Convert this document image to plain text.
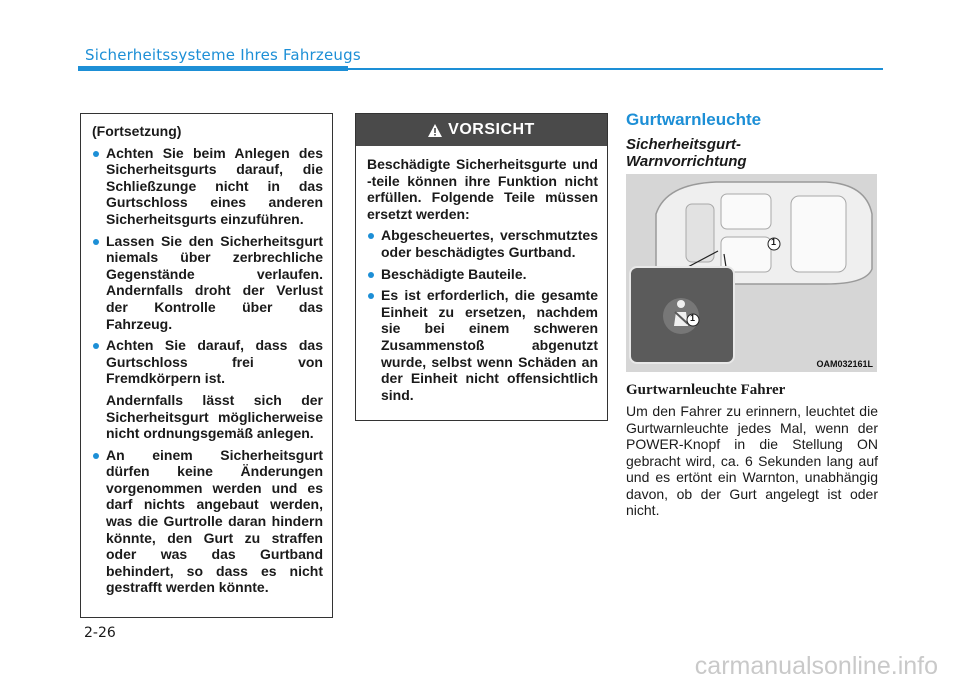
Sicherheitssysteme Ihres Fahrzeugs

(Fortsetzung)

Achten Sie beim Anlegen des Sicherheitsgurts darauf, die Schließzunge nicht in das Gurtschloss eines anderen Sicherheitsgurts einzuführen.
Lassen Sie den Sicherheitsgurt niemals über zerbrechliche Gegenstände verlaufen. Andernfalls droht der Verlust der Kontrolle über das Fahrzeug.
Achten Sie darauf, dass das Gurtschloss frei von Fremdkörpern ist.

Andernfalls lässt sich der Sicherheitsgurt möglicherweise nicht ordnungsgemäß anlegen.

An einem Sicherheitsgurt dürfen keine Änderungen vorgenommen werden und es darf nichts angebaut werden, was die Gurtrolle daran hindern könnte, den Gurt zu straffen oder was das Gurtband behindert, so dass es nicht gestrafft werden könnte.
VORSICHT

Beschädigte Sicherheitsgurte und -teile können ihre Funktion nicht erfüllen. Folgende Teile müssen ersetzt werden:

Abgescheuertes, verschmutztes oder beschädigtes Gurtband.
Beschädigte Bauteile.
Es ist erforderlich, die gesamte Einheit zu ersetzen, nachdem sie bei einem schweren Zusammenstoß abgenutzt wurde, selbst wenn Schäden an der Einheit nicht offensichtlich sind.
Gurtwarnleuchte
Sicherheitsgurt-Warnvorrichtung
1
1
OAM032161L
Gurtwarnleuchte Fahrer

Um den Fahrer zu erinnern, leuchtet die Gurtwarnleuchte jedes Mal, wenn der POWER-Knopf in die Stellung ON gebracht wird, ca. 6 Sekunden lang auf und es ertönt ein Warnton, unabhängig davon, ob der Gurt angelegt ist oder nicht.

2-26
carmanualsonline.info
